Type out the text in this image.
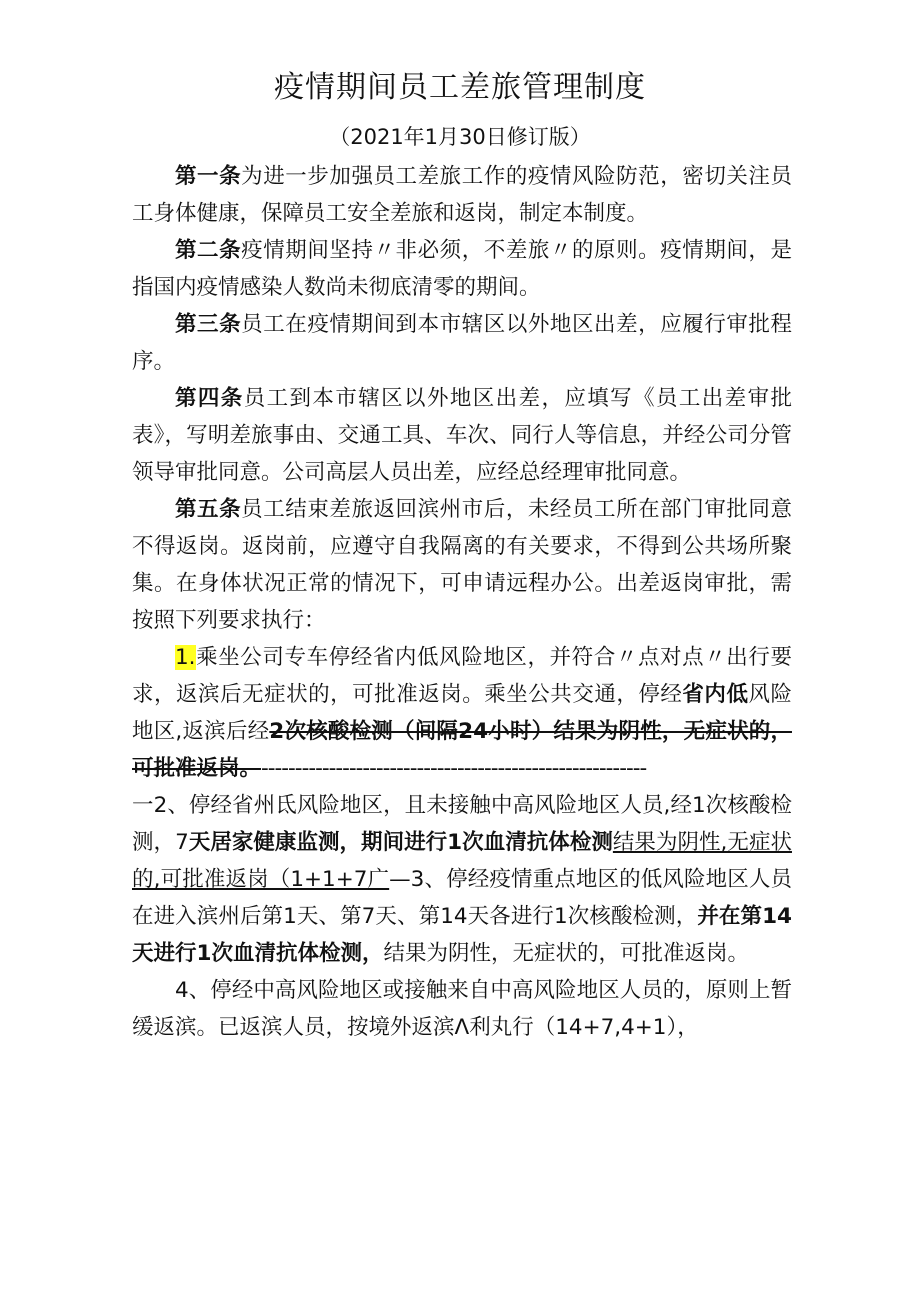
疫情期间员工差旅管理制度
（2021年1月30日修订版）

第一条为进一步加强员工差旅工作的疫情风险防范，密切关注员工身体健康，保障员工安全差旅和返岗，制定本制度。

第二条疫情期间坚持〃非必须，不差旅〃的原则。疫情期间，是指国内疫情感染人数尚未彻底清零的期间。

第三条员工在疫情期间到本市辖区以外地区出差，应履行审批程序。

第四条员工到本市辖区以外地区出差，应填写《员工出差审批表》，写明差旅事由、交通工具、车次、同行人等信息，并经公司分管领导审批同意。公司高层人员出差，应经总经理审批同意。

第五条员工结束差旅返回滨州市后，未经员工所在部门审批同意不得返岗。返岗前，应遵守自我隔离的有关要求，不得到公共场所聚集。在身体状况正常的情况下，可申请远程办公。出差返岗审批，需按照下列要求执行：

1.乘坐公司专车停经省内低风险地区，并符合〃点对点〃出行要求，返滨后无症状的，可批准返岗。乘坐公共交通，停经省内低风险地区,返滨后经2次核酸检测（间隔24小时）结果为阴性，无症状的，可批准返岗。---------------------------------------------------------

一2、停经省州氐风险地区，且未接触中高风险地区人员,经1次核酸检测，7天居家健康监测，期间进行1次血清抗体检测结果为阴性,无症状的,可批准返岗（1+1+7广—3、停经疫情重点地区的低风险地区人员在进入滨州后第1天、第7天、第14天各进行1次核酸检测，并在第14天进行1次血清抗体检测，结果为阴性，无症状的，可批准返岗。

4、停经中高风险地区或接触来自中高风险地区人员的，原则上暂缓返滨。已返滨人员，按境外返滨Λ利丸行（14+7,4+1），
